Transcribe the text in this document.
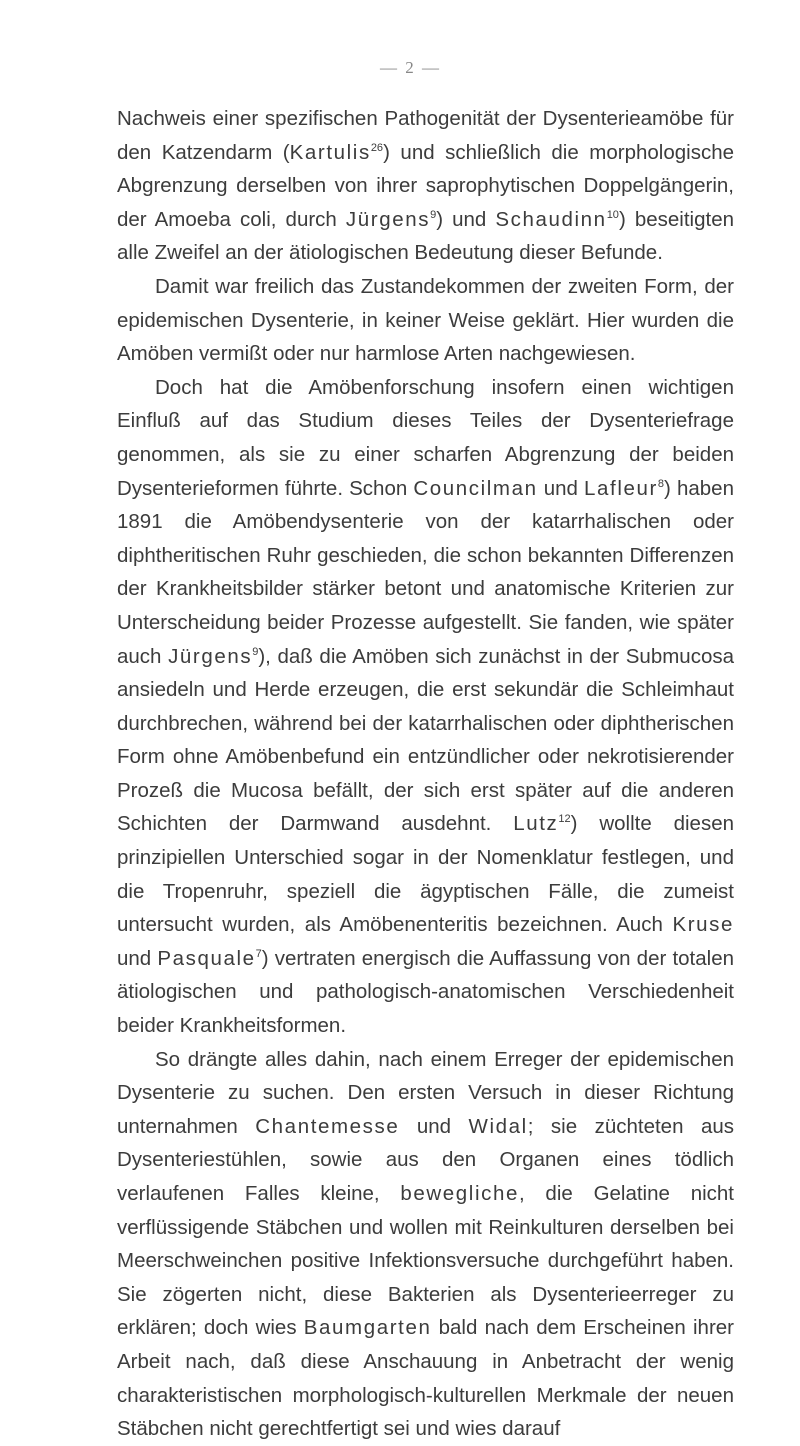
— 2 —

Nachweis einer spezifischen Pathogenität der Dysenterieamöbe für den Katzendarm (Kartulis$^{26}$) und schließlich die morphologische Abgrenzung derselben von ihrer saprophytischen Doppelgängerin, der Amoeba coli, durch Jürgens$^9$) und Schaudinn$^{10}$) beseitigten alle Zweifel an der ätiologischen Bedeutung dieser Befunde.

Damit war freilich das Zustandekommen der zweiten Form, der epidemischen Dysenterie, in keiner Weise geklärt. Hier wurden die Amöben vermißt oder nur harmlose Arten nachgewiesen.

Doch hat die Amöbenforschung insofern einen wichtigen Einfluß auf das Studium dieses Teiles der Dysenteriefrage genommen, als sie zu einer scharfen Abgrenzung der beiden Dysenterieformen führte. Schon Councilman und Lafleur$^8$) haben 1891 die Amöbendysenterie von der katarrhalischen oder diphtheritischen Ruhr geschieden, die schon bekannten Differenzen der Krankheitsbilder stärker betont und anatomische Kriterien zur Unterscheidung beider Prozesse aufgestellt. Sie fanden, wie später auch Jürgens$^9$), daß die Amöben sich zunächst in der Submucosa ansiedeln und Herde erzeugen, die erst sekundär die Schleimhaut durchbrechen, während bei der katarrhalischen oder diphtherischen Form ohne Amöbenbefund ein entzündlicher oder nekrotisierender Prozeß die Mucosa befällt, der sich erst später auf die anderen Schichten der Darmwand ausdehnt. Lutz$^{12}$) wollte diesen prinzipiellen Unterschied sogar in der Nomenklatur festlegen, und die Tropenruhr, speziell die ägyptischen Fälle, die zumeist untersucht wurden, als Amöbenenteritis bezeichnen. Auch Kruse und Pasquale$^7$) vertraten energisch die Auffassung von der totalen ätiologischen und pathologisch-anatomischen Verschiedenheit beider Krankheitsformen.

So drängte alles dahin, nach einem Erreger der epidemischen Dysenterie zu suchen. Den ersten Versuch in dieser Richtung unternahmen Chantemesse und Widal; sie züchteten aus Dysenteriestühlen, sowie aus den Organen eines tödlich verlaufenen Falles kleine, bewegliche, die Gelatine nicht verflüssigende Stäbchen und wollen mit Reinkulturen derselben bei Meerschweinchen positive Infektionsversuche durchgeführt haben. Sie zögerten nicht, diese Bakterien als Dysenterieerreger zu erklären; doch wies Baumgarten bald nach dem Erscheinen ihrer Arbeit nach, daß diese Anschauung in Anbetracht der wenig charakteristischen morphologisch-kulturellen Merkmale der neuen Stäbchen nicht gerechtfertigt sei und wies darauf
